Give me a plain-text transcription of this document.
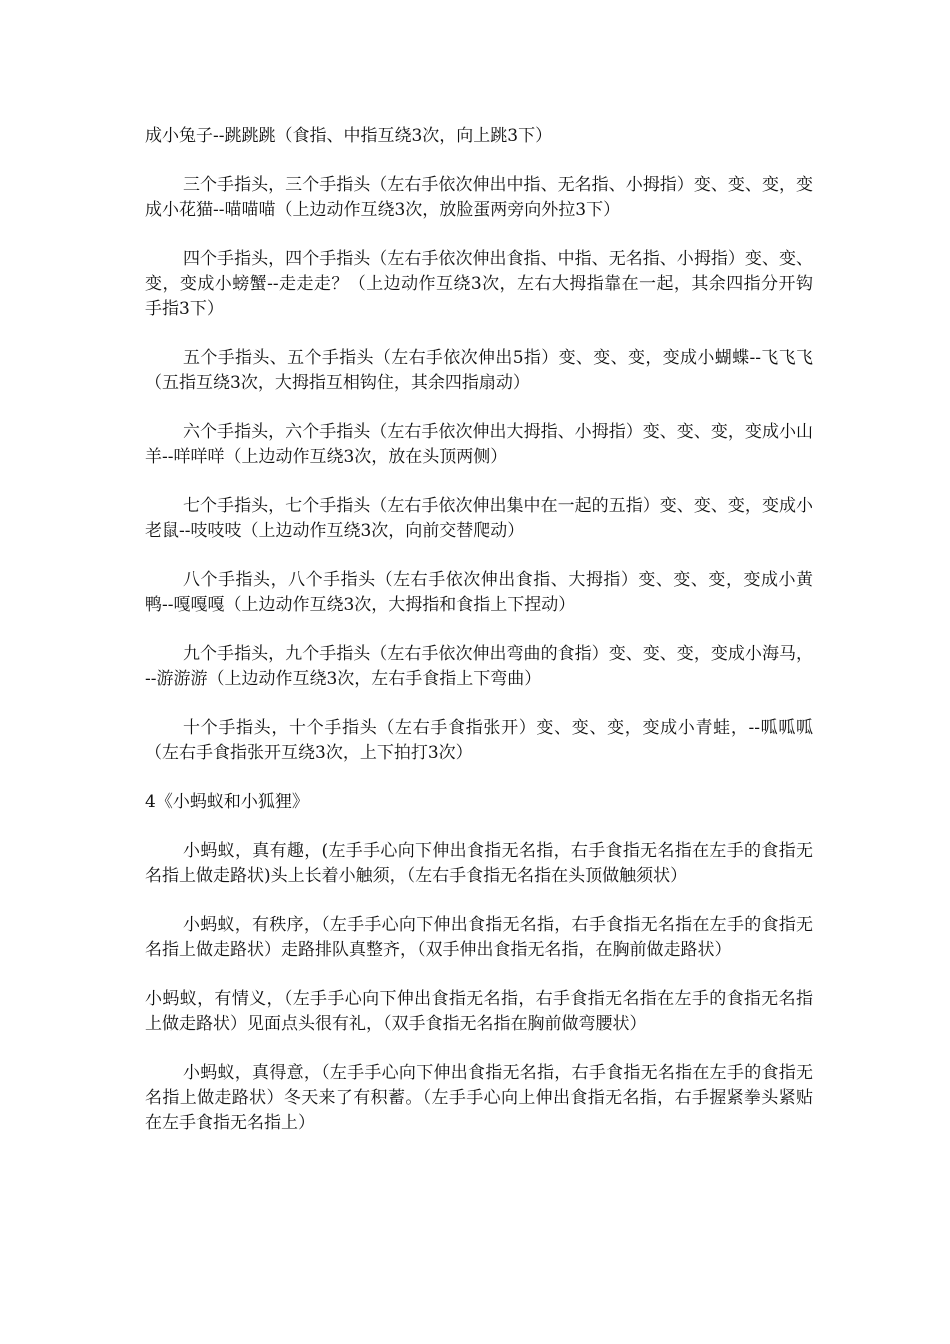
成小兔子--跳跳跳（食指、中指互绕3次，向上跳3下）

三个手指头，三个手指头（左右手依次伸出中指、无名指、小拇指）变、变、变，变成小花猫--喵喵喵（上边动作互绕3次，放脸蛋两旁向外拉3下）

四个手指头，四个手指头（左右手依次伸出食指、中指、无名指、小拇指）变、变、变，变成小螃蟹--走走走？（上边动作互绕3次，左右大拇指靠在一起，其余四指分开钩手指3下）

五个手指头、五个手指头（左右手依次伸出5指）变、变、变，变成小蝴蝶--飞飞飞（五指互绕3次，大拇指互相钩住，其余四指扇动）

六个手指头，六个手指头（左右手依次伸出大拇指、小拇指）变、变、变，变成小山羊--咩咩咩（上边动作互绕3次，放在头顶两侧）

七个手指头，七个手指头（左右手依次伸出集中在一起的五指）变、变、变，变成小老鼠--吱吱吱（上边动作互绕3次，向前交替爬动）

八个手指头，八个手指头（左右手依次伸出食指、大拇指）变、变、变，变成小黄鸭--嘎嘎嘎（上边动作互绕3次，大拇指和食指上下捏动）

九个手指头，九个手指头（左右手依次伸出弯曲的食指）变、变、变，变成小海马，--游游游（上边动作互绕3次，左右手食指上下弯曲）

十个手指头，十个手指头（左右手食指张开）变、变、变，变成小青蛙，--呱呱呱（左右手食指张开互绕3次，上下拍打3次）

4《小蚂蚁和小狐狸》

小蚂蚁，真有趣，(左手手心向下伸出食指无名指，右手食指无名指在左手的食指无名指上做走路状)头上长着小触须，（左右手食指无名指在头顶做触须状）

小蚂蚁，有秩序，（左手手心向下伸出食指无名指，右手食指无名指在左手的食指无名指上做走路状）走路排队真整齐，（双手伸出食指无名指，在胸前做走路状）

小蚂蚁，有情义，（左手手心向下伸出食指无名指，右手食指无名指在左手的食指无名指上做走路状）见面点头很有礼，（双手食指无名指在胸前做弯腰状）

小蚂蚁，真得意，（左手手心向下伸出食指无名指，右手食指无名指在左手的食指无名指上做走路状）冬天来了有积蓄。（左手手心向上伸出食指无名指，右手握紧拳头紧贴在左手食指无名指上）
